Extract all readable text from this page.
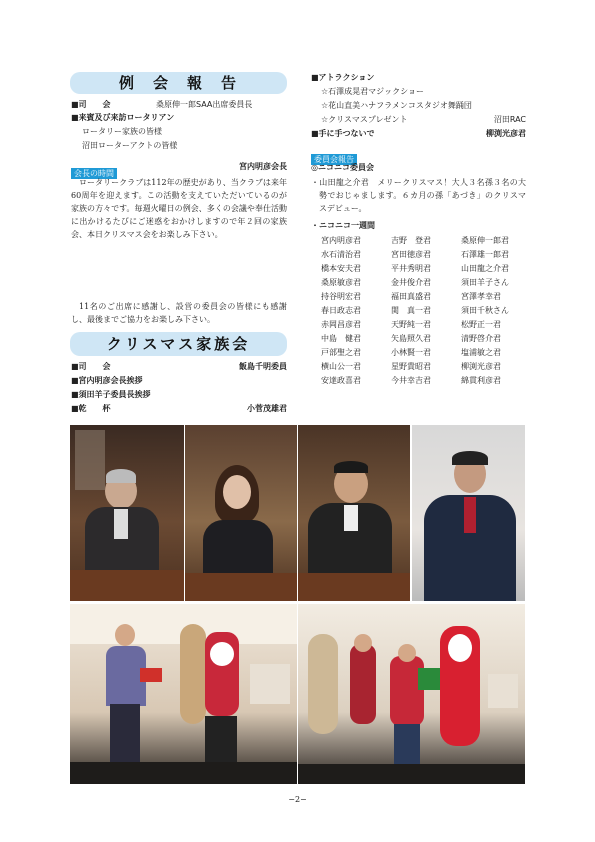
例　会　報　告
■司　　会	桑原伸一郎SAA出席委員長
■来賓及び来訪ロータリアン
ロータリー家族の皆様
沼田ローターアクトの皆様
会長の時間
宮内明彦会長
ロータリークラブは112年の歴史があり、当クラブは来年60周年を迎えます。この活動を支えていただいているのが家族の方々です。毎週火曜日の例会、多くの会議や奉仕活動に出かけるたびにご迷惑をおかけしますので年２回の家族会、本日クリスマス会をお楽しみ下さい。
11名のご出席に感謝し、設営の委員会の皆様にも感謝し、最後までご協力をお楽しみ下さい。
クリスマス家族会
■司　　会	飯島千明委員
■宮内明彦会長挨拶
■須田羊子委員長挨拶
■乾　　杯	小菅茂雄君
■アトラクション
☆石澤成晃君マジックショー
☆花山直美ハナフラメンコスタジオ舞踊団
☆クリスマスプレゼント	沼田RAC
■手に手つないで	柳渕光彦君
委員会報告
◎ニコニコ委員会
・山田龍之介君　メリークリスマス！大人３名孫３名の大勢でおじゃまします。６カ月の孫「あづき」のクリスマスデビュー。
・ニコニコ一週間
宮内明彦君	吉野　登君	桑原伸一郎君
水石清治君	宮田徳彦君	石澤雄一郎君
橋本安夫君	平井秀明君	山田龍之介君
桑原敏彦君	金井俊介君	須田羊子さん
持谷明宏君	福田真盛君	宮澤孝幸君
春日政志君	関　真一君	須田千秋さん
赤岡昌彦君	天野純一君	松野正一君
中島　健君	矢島照久君	清野啓介君
戸部聖之君	小林賢一君	塩浦敏之君
横山公一君	星野貴昭君	柳渕光彦君
安達政喜君	今井幸吉君	綿貫利彦君
−2−
